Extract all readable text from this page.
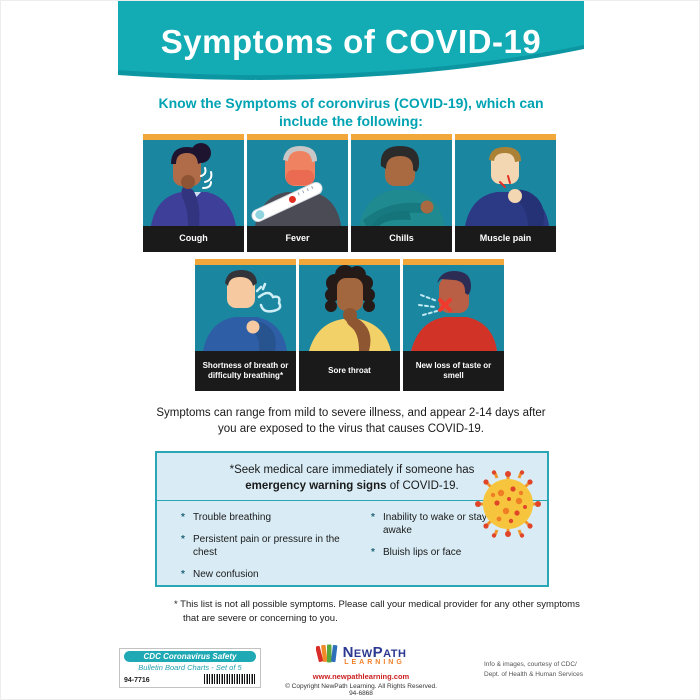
Symptoms of COVID-19
Know the Symptoms of coronvirus (COVID-19), which can include the following:
Cough	Fever	Chills	Muscle pain
Shortness of breath or difficulty breathing*
Sore throat
New loss of taste or smell
Symptoms can range from mild to severe illness, and appear 2-14 days after you are exposed to the virus that causes COVID-19.
*Seek medical care immediately if someone has
emergency warning signs of COVID-19.
* Trouble breathing
* Persistent pain or pressure in the chest
* New confusion
* Inability to wake or stay awake
* Bluish lips or face
* This list is not all possible symptoms. Please call your medical provider for any other symptoms that are severe or concerning to you.
CDC Coronavirus Safety
Bulletin Board Charts - Set of 5
94-7716
NewPath
LEARNING
www.newpathlearning.com
© Copyright NewPath Learning. All Rights Reserved. 94-6868
Info & images, courtesy of CDC/
Dept. of Health & Human Services
